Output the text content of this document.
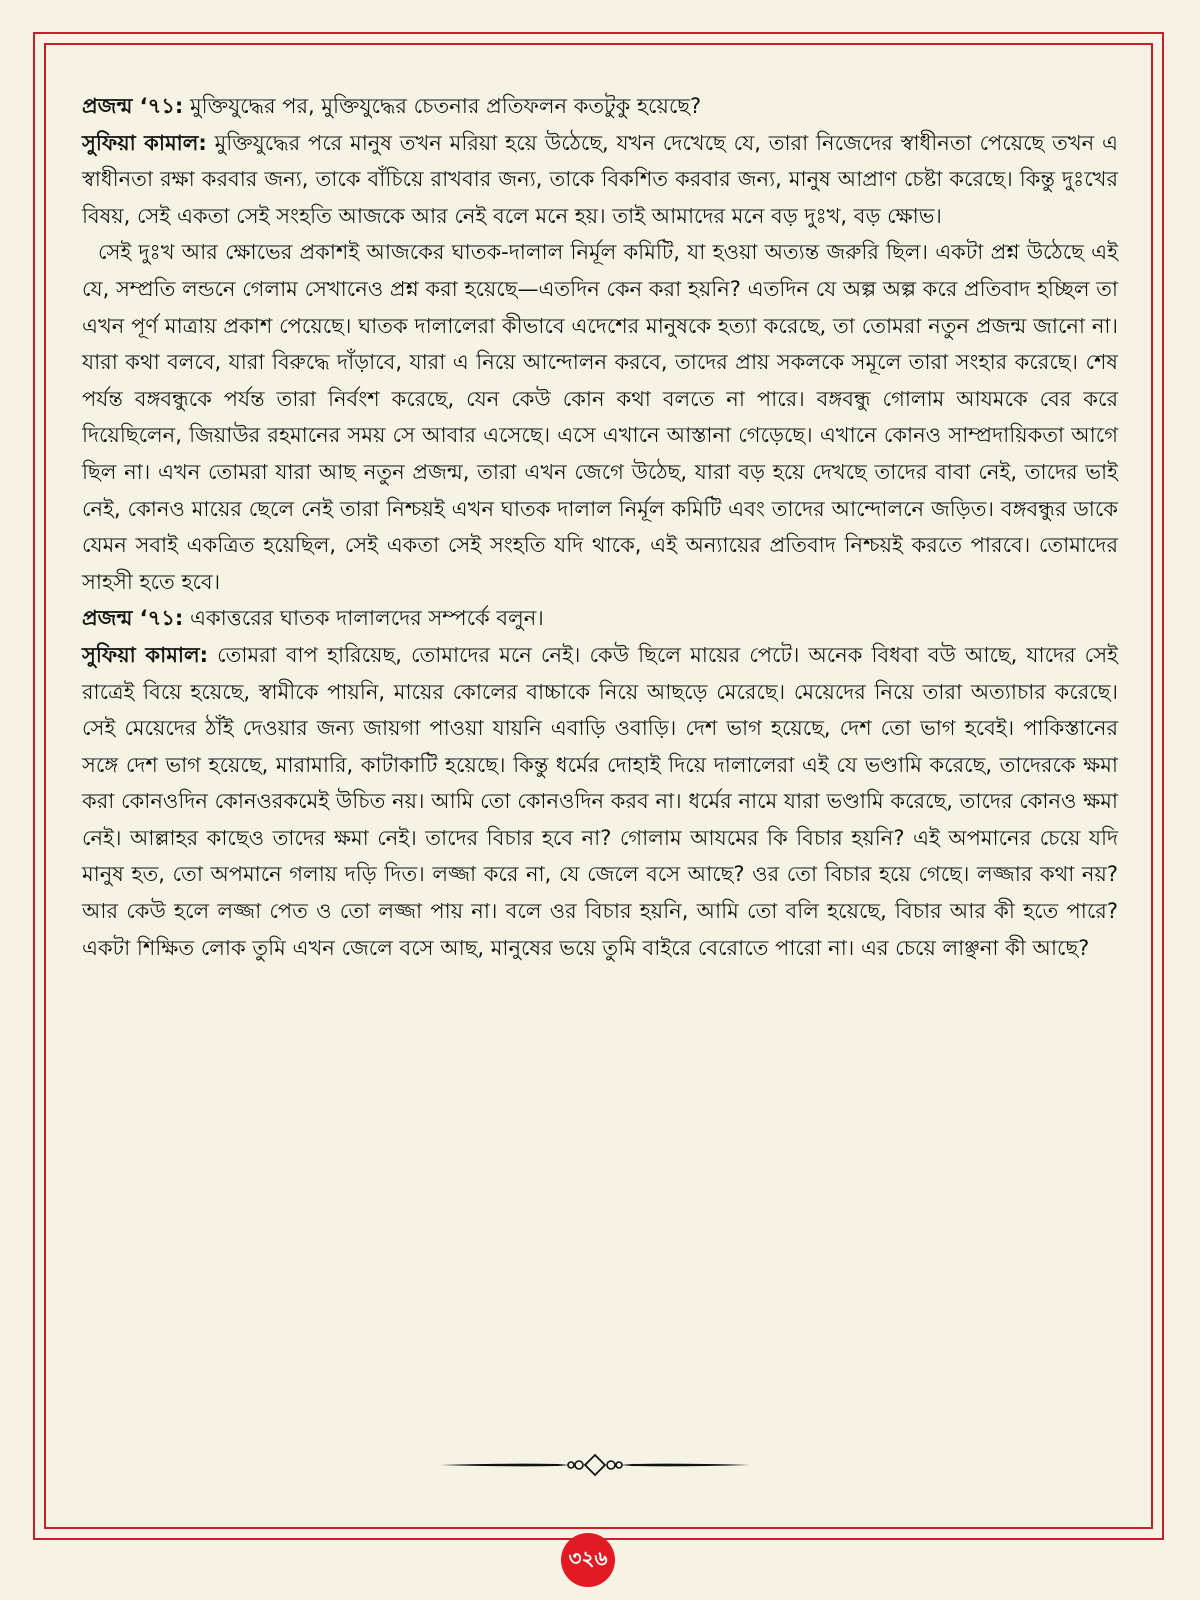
প্রজন্ম ‘৭১: মুক্তিযুদ্ধের পর, মুক্তিযুদ্ধের চেতনার প্রতিফলন কতটুকু হয়েছে?

সুফিয়া কামাল: মুক্তিযুদ্ধের পরে মানুষ তখন মরিয়া হয়ে উঠেছে, যখন দেখেছে যে, তারা নিজেদের স্বাধীনতা পেয়েছে তখন এ স্বাধীনতা রক্ষা করবার জন্য, তাকে বাঁচিয়ে রাখবার জন্য, তাকে বিকশিত করবার জন্য, মানুষ আপ্রাণ চেষ্টা করেছে। কিন্তু দুঃখের বিষয়, সেই একতা সেই সংহতি আজকে আর নেই বলে মনে হয়। তাই আমাদের মনে বড় দুঃখ, বড় ক্ষোভ।

সেই দুঃখ আর ক্ষোভের প্রকাশই আজকের ঘাতক-দালাল নির্মূল কমিটি, যা হওয়া অত্যন্ত জরুরি ছিল। একটা প্রশ্ন উঠেছে এই যে, সম্প্রতি লন্ডনে গেলাম সেখানেও প্রশ্ন করা হয়েছে—এতদিন কেন করা হয়নি? এতদিন যে অল্প অল্প করে প্রতিবাদ হচ্ছিল তা এখন পূর্ণ মাত্রায় প্রকাশ পেয়েছে। ঘাতক দালালেরা কীভাবে এদেশের মানুষকে হত্যা করেছে, তা তোমরা নতুন প্রজন্ম জানো না। যারা কথা বলবে, যারা বিরুদ্ধে দাঁড়াবে, যারা এ নিয়ে আন্দোলন করবে, তাদের প্রায় সকলকে সমূলে তারা সংহার করেছে। শেষ পর্যন্ত বঙ্গবন্ধুকে পর্যন্ত তারা নির্বংশ করেছে, যেন কেউ কোন কথা বলতে না পারে। বঙ্গবন্ধু গোলাম আযমকে বের করে দিয়েছিলেন, জিয়াউর রহমানের সময় সে আবার এসেছে। এসে এখানে আস্তানা গেড়েছে। এখানে কোনও সাম্প্রদায়িকতা আগে ছিল না। এখন তোমরা যারা আছ নতুন প্রজন্ম, তারা এখন জেগে উঠেছ, যারা বড় হয়ে দেখছে তাদের বাবা নেই, তাদের ভাই নেই, কোনও মায়ের ছেলে নেই তারা নিশ্চয়ই এখন ঘাতক দালাল নির্মূল কমিটি এবং তাদের আন্দোলনে জড়িত। বঙ্গবন্ধুর ডাকে যেমন সবাই একত্রিত হয়েছিল, সেই একতা সেই সংহতি যদি থাকে, এই অন্যায়ের প্রতিবাদ নিশ্চয়ই করতে পারবে। তোমাদের সাহসী হতে হবে।

প্রজন্ম ‘৭১: একাত্তরের ঘাতক দালালদের সম্পর্কে বলুন।

সুফিয়া কামাল: তোমরা বাপ হারিয়েছ, তোমাদের মনে নেই। কেউ ছিলে মায়ের পেটে। অনেক বিধবা বউ আছে, যাদের সেই রাত্রেই বিয়ে হয়েছে, স্বামীকে পায়নি, মায়ের কোলের বাচ্চাকে নিয়ে আছড়ে মেরেছে। মেয়েদের নিয়ে তারা অত্যাচার করেছে। সেই মেয়েদের ঠাঁই দেওয়ার জন্য জায়গা পাওয়া যায়নি এবাড়ি ওবাড়ি। দেশ ভাগ হয়েছে, দেশ তো ভাগ হবেই। পাকিস্তানের সঙ্গে দেশ ভাগ হয়েছে, মারামারি, কাটাকাটি হয়েছে। কিন্তু ধর্মের দোহাই দিয়ে দালালেরা এই যে ভণ্ডামি করেছে, তাদেরকে ক্ষমা করা কোনওদিন কোনওরকমেই উচিত নয়। আমি তো কোনওদিন করব না। ধর্মের নামে যারা ভণ্ডামি করেছে, তাদের কোনও ক্ষমা নেই। আল্লাহর কাছেও তাদের ক্ষমা নেই। তাদের বিচার হবে না? গোলাম আযমের কি বিচার হয়নি? এই অপমানের চেয়ে যদি মানুষ হত, তো অপমানে গলায় দড়ি দিত। লজ্জা করে না, যে জেলে বসে আছে? ওর তো বিচার হয়ে গেছে। লজ্জার কথা নয়? আর কেউ হলে লজ্জা পেত ও তো লজ্জা পায় না। বলে ওর বিচার হয়নি, আমি তো বলি হয়েছে, বিচার আর কী হতে পারে? একটা শিক্ষিত লোক তুমি এখন জেলে বসে আছ, মানুষের ভয়ে তুমি বাইরে বেরোতে পারো না। এর চেয়ে লাঞ্ছনা কী আছে?

৩২৬
